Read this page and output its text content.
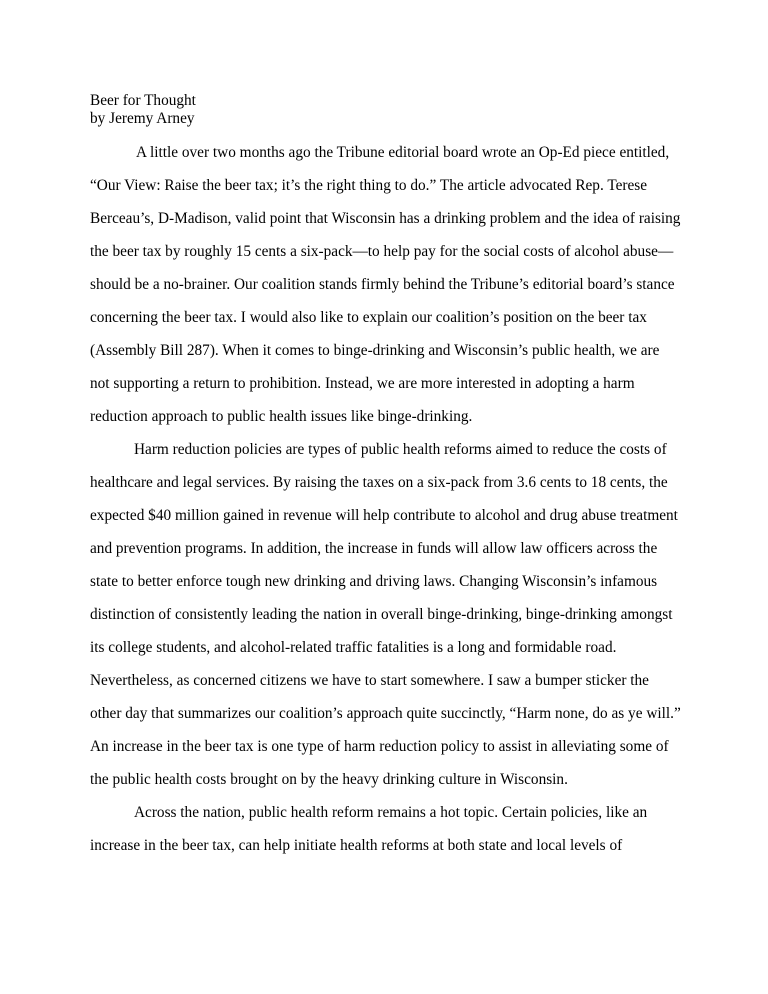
Beer for Thought
by Jeremy Arney

A little over two months ago the Tribune editorial board wrote an Op-Ed piece entitled, “Our View: Raise the beer tax; it’s the right thing to do.” The article advocated Rep. Terese Berceau’s, D-Madison, valid point that Wisconsin has a drinking problem and the idea of raising the beer tax by roughly 15 cents a six-pack—to help pay for the social costs of alcohol abuse—should be a no-brainer. Our coalition stands firmly behind the Tribune’s editorial board’s stance concerning the beer tax. I would also like to explain our coalition’s position on the beer tax (Assembly Bill 287). When it comes to binge-drinking and Wisconsin’s public health, we are not supporting a return to prohibition. Instead, we are more interested in adopting a harm reduction approach to public health issues like binge-drinking.

Harm reduction policies are types of public health reforms aimed to reduce the costs of healthcare and legal services. By raising the taxes on a six-pack from 3.6 cents to 18 cents, the expected $40 million gained in revenue will help contribute to alcohol and drug abuse treatment and prevention programs. In addition, the increase in funds will allow law officers across the state to better enforce tough new drinking and driving laws. Changing Wisconsin’s infamous distinction of consistently leading the nation in overall binge-drinking, binge-drinking amongst its college students, and alcohol-related traffic fatalities is a long and formidable road. Nevertheless, as concerned citizens we have to start somewhere. I saw a bumper sticker the other day that summarizes our coalition’s approach quite succinctly, “Harm none, do as ye will.” An increase in the beer tax is one type of harm reduction policy to assist in alleviating some of the public health costs brought on by the heavy drinking culture in Wisconsin.

Across the nation, public health reform remains a hot topic. Certain policies, like an increase in the beer tax, can help initiate health reforms at both state and local levels of
